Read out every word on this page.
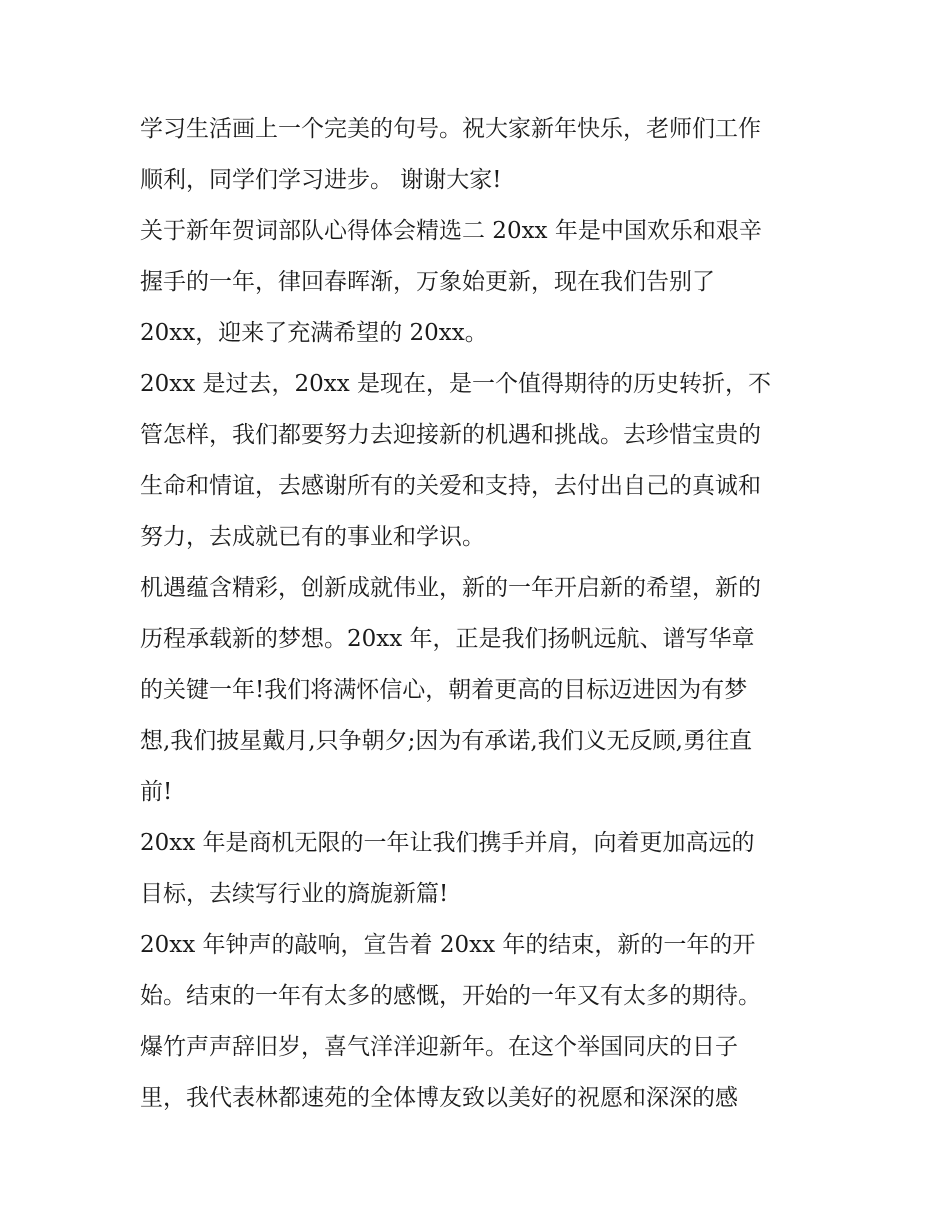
学习生活画上一个完美的句号。祝大家新年快乐，老师们工作
顺利，同学们学习进步。 谢谢大家!
关于新年贺词部队心得体会精选二 20xx 年是中国欢乐和艰辛
握手的一年，律回春晖渐，万象始更新，现在我们告别了
20xx，迎来了充满希望的 20xx。
20xx 是过去，20xx 是现在，是一个值得期待的历史转折，不
管怎样，我们都要努力去迎接新的机遇和挑战。去珍惜宝贵的
生命和情谊，去感谢所有的关爱和支持，去付出自己的真诚和
努力，去成就已有的事业和学识。
机遇蕴含精彩，创新成就伟业，新的一年开启新的希望，新的
历程承载新的梦想。20xx 年，正是我们扬帆远航、谱写华章
的关键一年!我们将满怀信心，朝着更高的目标迈进因为有梦
想,我们披星戴月,只争朝夕;因为有承诺,我们义无反顾,勇往直
前!
20xx 年是商机无限的一年让我们携手并肩，向着更加高远的
目标，去续写行业的旖旎新篇!
20xx 年钟声的敲响，宣告着 20xx 年的结束，新的一年的开
始。结束的一年有太多的感慨，开始的一年又有太多的期待。
爆竹声声辞旧岁，喜气洋洋迎新年。在这个举国同庆的日子
里，我代表林都速苑的全体博友致以美好的祝愿和深深的感
